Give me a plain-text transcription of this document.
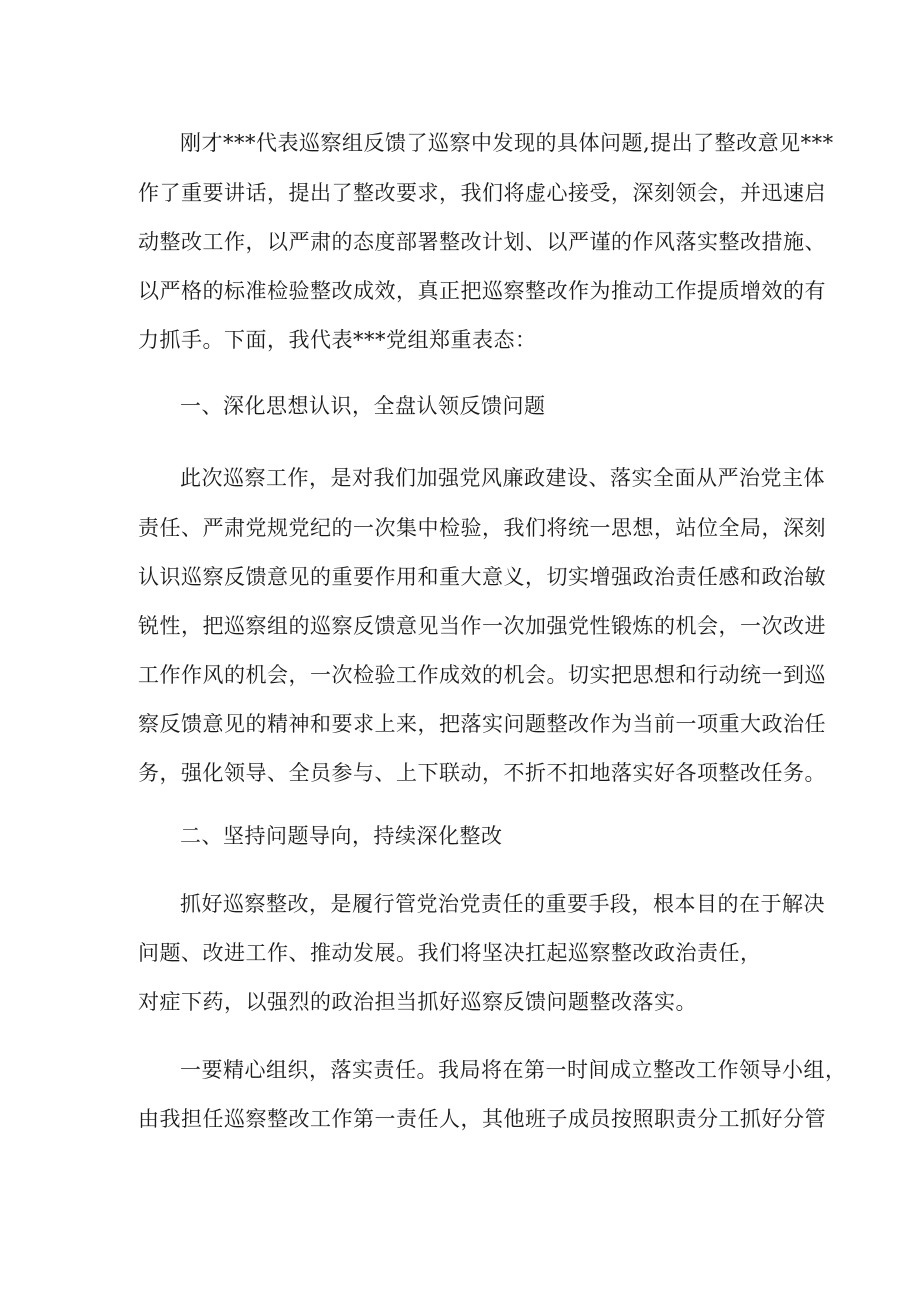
刚才***代表巡察组反馈了巡察中发现的具体问题,提出了整改意见***
作了重要讲话，提出了整改要求，我们将虚心接受，深刻领会，并迅速启
动整改工作，以严肃的态度部署整改计划、以严谨的作风落实整改措施、
以严格的标准检验整改成效，真正把巡察整改作为推动工作提质增效的有
力抓手。下面，我代表***党组郑重表态：
一、深化思想认识，全盘认领反馈问题
此次巡察工作，是对我们加强党风廉政建设、落实全面从严治党主体
责任、严肃党规党纪的一次集中检验，我们将统一思想，站位全局，深刻
认识巡察反馈意见的重要作用和重大意义，切实增强政治责任感和政治敏
锐性，把巡察组的巡察反馈意见当作一次加强党性锻炼的机会，一次改进
工作作风的机会，一次检验工作成效的机会。切实把思想和行动统一到巡
察反馈意见的精神和要求上来，把落实问题整改作为当前一项重大政治任
务，强化领导、全员参与、上下联动，不折不扣地落实好各项整改任务。
二、坚持问题导向，持续深化整改
抓好巡察整改，是履行管党治党责任的重要手段，根本目的在于解决
问题、改进工作、推动发展。我们将坚决扛起巡察整改政治责任，
对症下药，以强烈的政治担当抓好巡察反馈问题整改落实。
一要精心组织，落实责任。我局将在第一时间成立整改工作领导小组，
由我担任巡察整改工作第一责任人，其他班子成员按照职责分工抓好分管
